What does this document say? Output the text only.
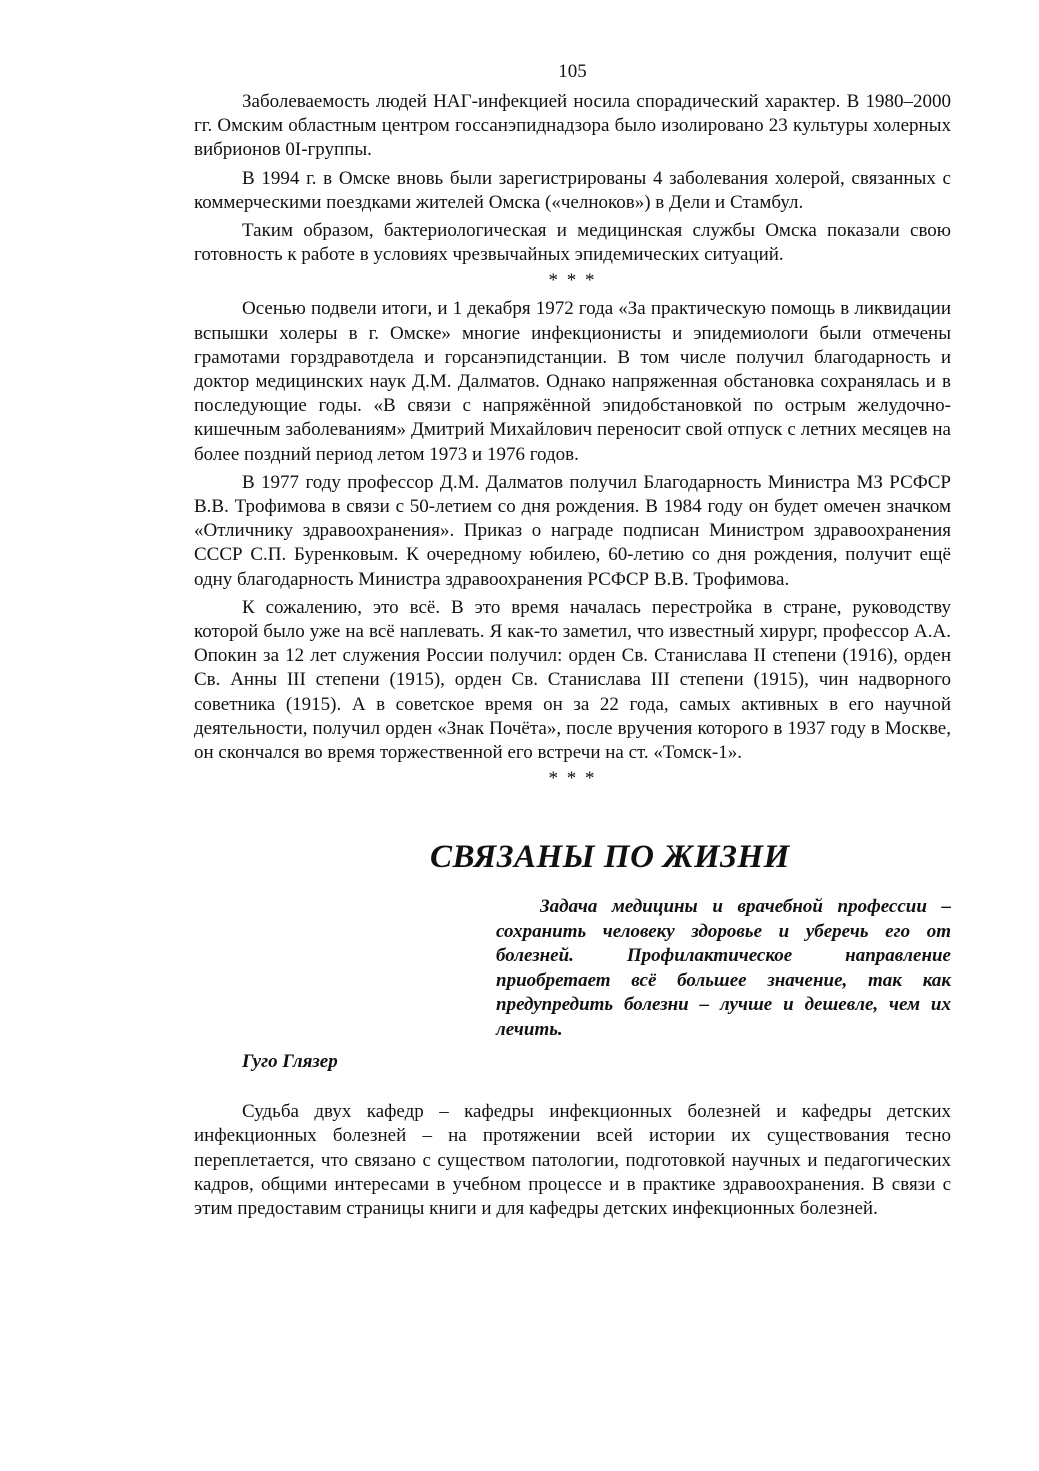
105

Заболеваемость людей НАГ-инфекцией носила спорадический характер. В 1980–2000 гг. Омским областным центром госсанэпиднадзора было изолировано 23 культуры холерных вибрионов 0I-группы.

В 1994 г. в Омске вновь были зарегистрированы 4 заболевания холерой, связанных с коммерческими поездками жителей Омска («челноков») в Дели и Стамбул.

Таким образом, бактериологическая и медицинская службы Омска показали свою готовность к работе в условиях чрезвычайных эпидемических ситуаций.

* * *

Осенью подвели итоги, и 1 декабря 1972 года «За практическую помощь в ликвидации вспышки холеры в г. Омске» многие инфекционисты и эпидемиологи были отмечены грамотами горздравотдела и горсанэпидстанции. В том числе получил благодарность и доктор медицинских наук Д.М. Далматов. Однако напряженная обстановка сохранялась и в последующие годы. «В связи с напряжённой эпидобстановкой по острым желудочно-кишечным заболеваниям» Дмитрий Михайлович переносит свой отпуск с летних месяцев на более поздний период летом 1973 и 1976 годов.

В 1977 году профессор Д.М. Далматов получил Благодарность Министра МЗ РСФСР В.В. Трофимова в связи с 50-летием со дня рождения. В 1984 году он будет омечен значком «Отличнику здравоохранения». Приказ о награде подписан Министром здравоохранения СССР С.П. Буренковым. К очередному юбилею, 60-летию со дня рождения, получит ещё одну благодарность Министра здравоохранения РСФСР В.В. Трофимова.

К сожалению, это всё. В это время началась перестройка в стране, руководству которой было уже на всё наплевать. Я как-то заметил, что известный хирург, профессор А.А. Опокин за 12 лет служения России получил: орден Св. Станислава II степени (1916), орден Св. Анны III степени (1915), орден Св. Станислава III степени (1915), чин надворного советника (1915). А в советское время он за 22 года, самых активных в его научной деятельности, получил орден «Знак Почёта», после вручения которого в 1937 году в Москве, он скончался во время торжественной его встречи на ст. «Томск-1».

* * *
СВЯЗАНЫ ПО ЖИЗНИ
Задача медицины и врачебной профессии – сохранить человеку здоровье и уберечь его от болезней. Профилактическое направление приобретает всё большее значение, так как предупредить болезни – лучше и дешевле, чем их лечить.
Гуго Глязер

Судьба двух кафедр – кафедры инфекционных болезней и кафедры детских инфекционных болезней – на протяжении всей истории их существования тесно переплетается, что связано с существом патологии, подготовкой научных и педагогических кадров, общими интересами в учебном процессе и в практике здравоохранения. В связи с этим предоставим страницы книги и для кафедры детских инфекционных болезней.
